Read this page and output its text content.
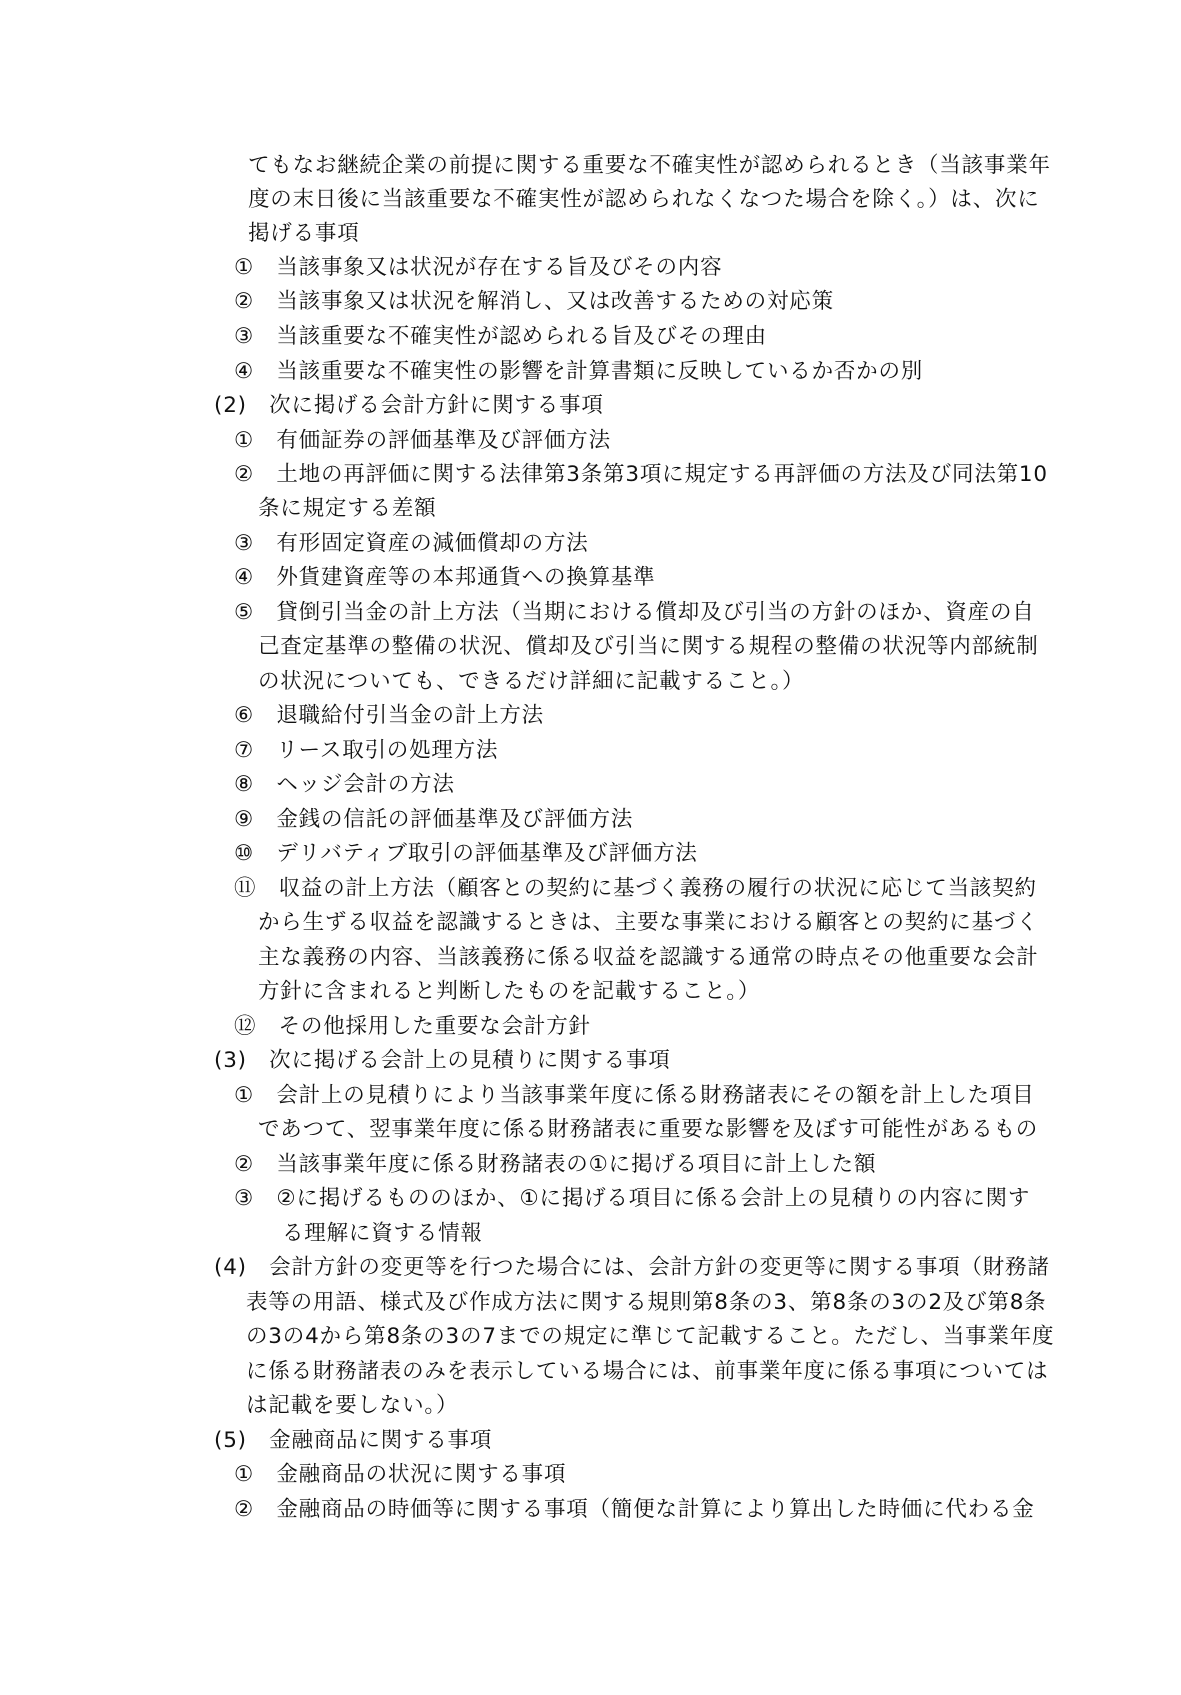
てもなお継続企業の前提に関する重要な不確実性が認められるとき（当該事業年
度の末日後に当該重要な不確実性が認められなくなつた場合を除く。）は、次に
掲げる事項
①　当該事象又は状況が存在する旨及びその内容
②　当該事象又は状況を解消し、又は改善するための対応策
③　当該重要な不確実性が認められる旨及びその理由
④　当該重要な不確実性の影響を計算書類に反映しているか否かの別
(2)　次に掲げる会計方針に関する事項
①　有価証券の評価基準及び評価方法
②　土地の再評価に関する法律第3条第3項に規定する再評価の方法及び同法第10
条に規定する差額
③　有形固定資産の減価償却の方法
④　外貨建資産等の本邦通貨への換算基準
⑤　貸倒引当金の計上方法（当期における償却及び引当の方針のほか、資産の自
己査定基準の整備の状況、償却及び引当に関する規程の整備の状況等内部統制
の状況についても、できるだけ詳細に記載すること。）
⑥　退職給付引当金の計上方法
⑦　リース取引の処理方法
⑧　ヘッジ会計の方法
⑨　金銭の信託の評価基準及び評価方法
⑩　デリバティブ取引の評価基準及び評価方法
⑪　収益の計上方法（顧客との契約に基づく義務の履行の状況に応じて当該契約
から生ずる収益を認識するときは、主要な事業における顧客との契約に基づく
主な義務の内容、当該義務に係る収益を認識する通常の時点その他重要な会計
方針に含まれると判断したものを記載すること。）
⑫　その他採用した重要な会計方針
(3)　次に掲げる会計上の見積りに関する事項
①　会計上の見積りにより当該事業年度に係る財務諸表にその額を計上した項目
であつて、翌事業年度に係る財務諸表に重要な影響を及ぼす可能性があるもの
②　当該事業年度に係る財務諸表の①に掲げる項目に計上した額
③　②に掲げるもののほか、①に掲げる項目に係る会計上の見積りの内容に関す
る理解に資する情報
(4)　会計方針の変更等を行つた場合には、会計方針の変更等に関する事項（財務諸
表等の用語、様式及び作成方法に関する規則第8条の3、第8条の3の2及び第8条
の3の4から第8条の3の7までの規定に準じて記載すること。ただし、当事業年度
に係る財務諸表のみを表示している場合には、前事業年度に係る事項については
は記載を要しない。）
(5)　金融商品に関する事項
①　金融商品の状況に関する事項
②　金融商品の時価等に関する事項（簡便な計算により算出した時価に代わる金
